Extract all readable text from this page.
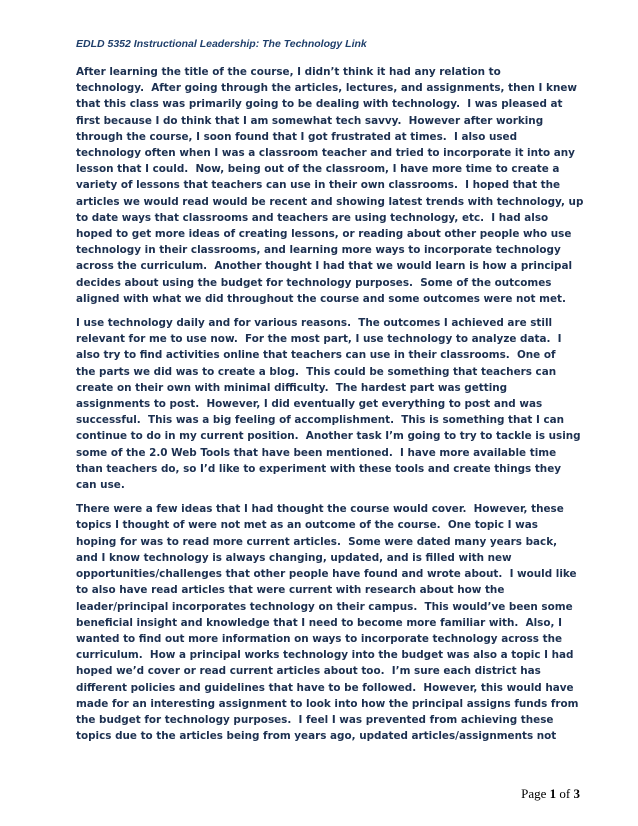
EDLD 5352 Instructional Leadership: The Technology Link

After learning the title of the course, I didn’t think it had any relation to
technology.  After going through the articles, lectures, and assignments, then I knew
that this class was primarily going to be dealing with technology.  I was pleased at
first because I do think that I am somewhat tech savvy.  However after working
through the course, I soon found that I got frustrated at times.  I also used
technology often when I was a classroom teacher and tried to incorporate it into any
lesson that I could.  Now, being out of the classroom, I have more time to create a
variety of lessons that teachers can use in their own classrooms.  I hoped that the
articles we would read would be recent and showing latest trends with technology, up
to date ways that classrooms and teachers are using technology, etc.  I had also
hoped to get more ideas of creating lessons, or reading about other people who use
technology in their classrooms, and learning more ways to incorporate technology
across the curriculum.  Another thought I had that we would learn is how a principal
decides about using the budget for technology purposes.  Some of the outcomes
aligned with what we did throughout the course and some outcomes were not met.

I use technology daily and for various reasons.  The outcomes I achieved are still
relevant for me to use now.  For the most part, I use technology to analyze data.  I
also try to find activities online that teachers can use in their classrooms.  One of
the parts we did was to create a blog.  This could be something that teachers can
create on their own with minimal difficulty.  The hardest part was getting
assignments to post.  However, I did eventually get everything to post and was
successful.  This was a big feeling of accomplishment.  This is something that I can
continue to do in my current position.  Another task I’m going to try to tackle is using
some of the 2.0 Web Tools that have been mentioned.  I have more available time
than teachers do, so I’d like to experiment with these tools and create things they
can use.

There were a few ideas that I had thought the course would cover.  However, these
topics I thought of were not met as an outcome of the course.  One topic I was
hoping for was to read more current articles.  Some were dated many years back,
and I know technology is always changing, updated, and is filled with new
opportunities/challenges that other people have found and wrote about.  I would like
to also have read articles that were current with research about how the
leader/principal incorporates technology on their campus.  This would’ve been some
beneficial insight and knowledge that I need to become more familiar with.  Also, I
wanted to find out more information on ways to incorporate technology across the
curriculum.  How a principal works technology into the budget was also a topic I had
hoped we’d cover or read current articles about too.  I’m sure each district has
different policies and guidelines that have to be followed.  However, this would have
made for an interesting assignment to look into how the principal assigns funds from
the budget for technology purposes.  I feel I was prevented from achieving these
topics due to the articles being from years ago, updated articles/assignments not

Page 1 of 3
